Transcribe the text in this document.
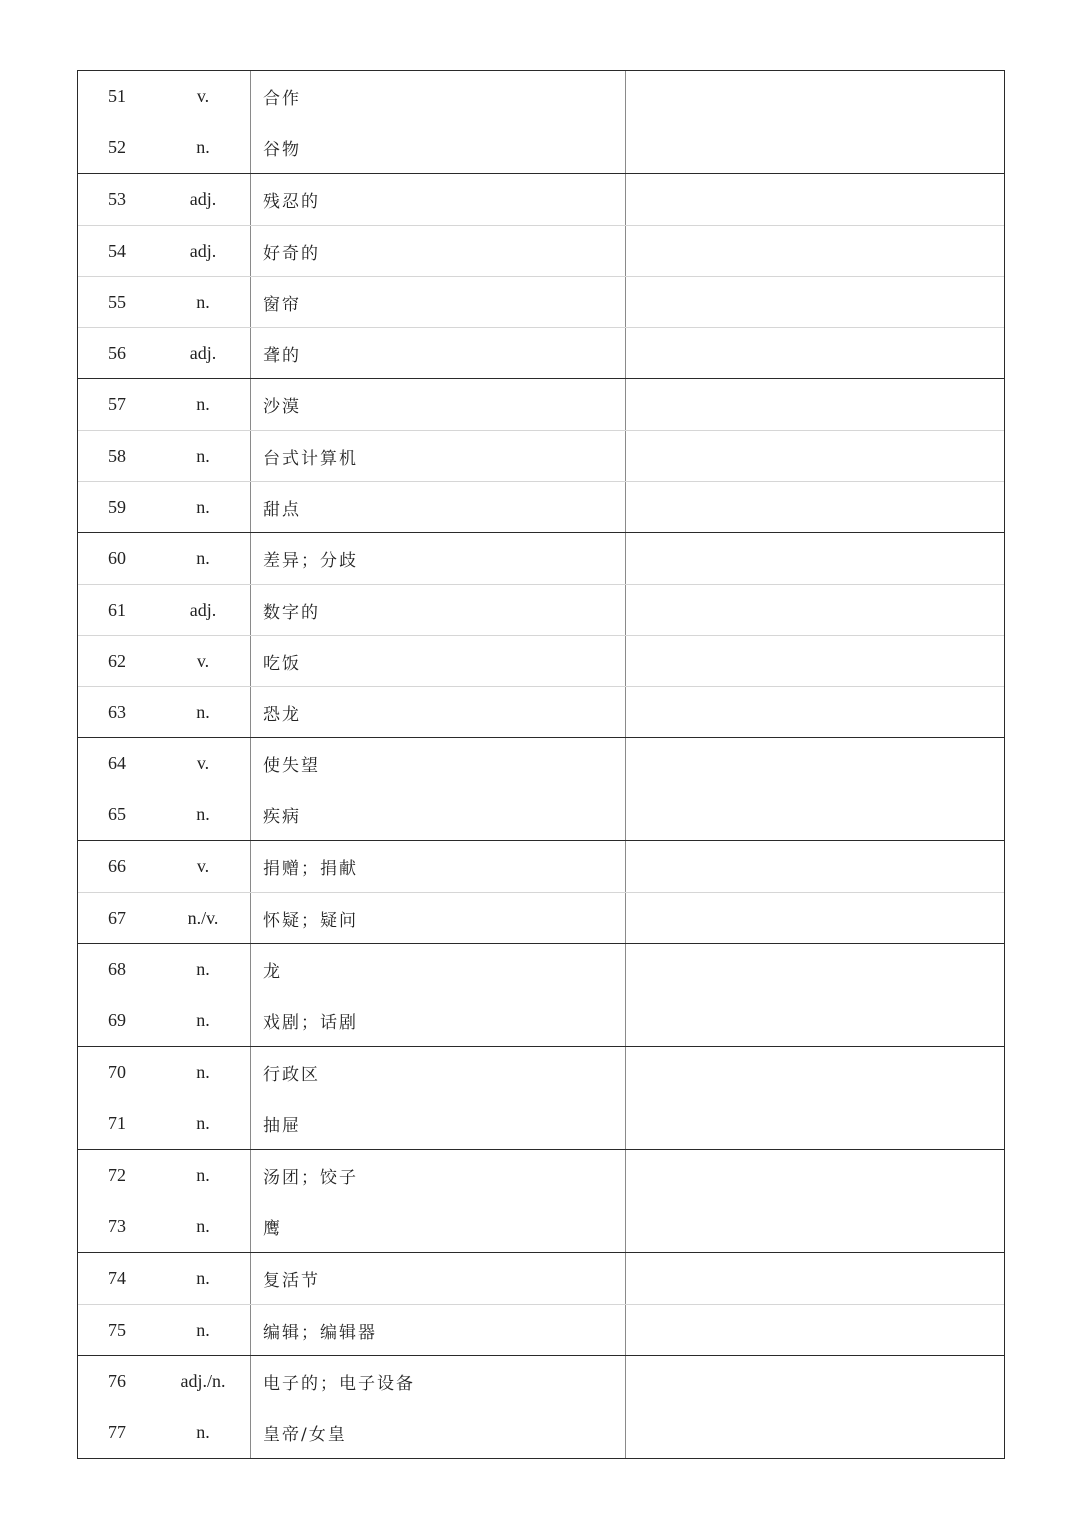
51	v.	合作
52	n.	谷物
53	adj.	残忍的
54	adj.	好奇的
55	n.	窗帘
56	adj.	聋的
57	n.	沙漠
58	n.	台式计算机
59	n.	甜点
60	n.	差异；分歧
61	adj.	数字的
62	v.	吃饭
63	n.	恐龙
64	v.	使失望
65	n.	疾病
66	v.	捐赠；捐献
67	n./v.	怀疑；疑问
68	n.	龙
69	n.	戏剧；话剧
70	n.	行政区
71	n.	抽屉
72	n.	汤团；饺子
73	n.	鹰
74	n.	复活节
75	n.	编辑；编辑器
76	adj./n.	电子的；电子设备
77	n.	皇帝/女皇
